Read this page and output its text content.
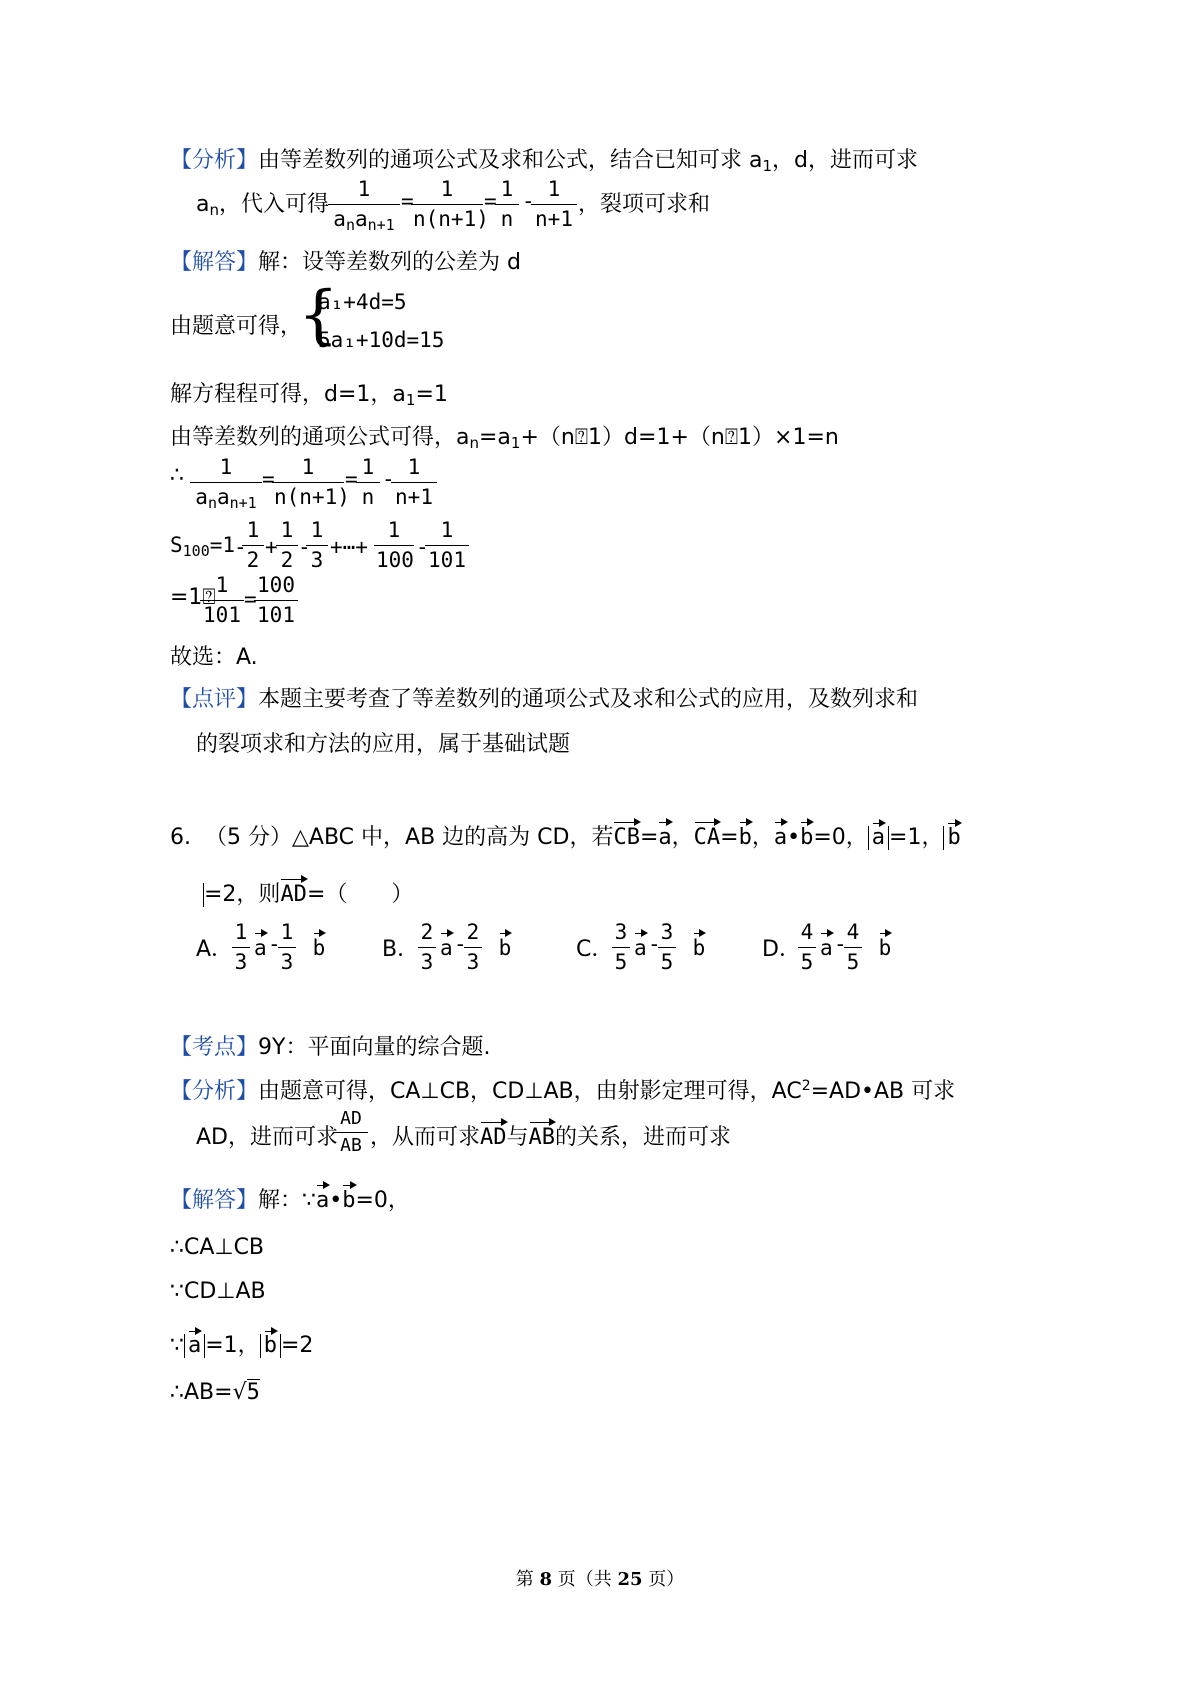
【分析】由等差数列的通项公式及求和公式，结合已知可求 $a_1$，d，进而可求
$a_n$，代入可得
1
$a_na_{n+1}$
=
$\frac{1}{n(n+1)}$ =
$\frac{1}{n}$ -
$\frac{1}{n+1}$ ，裂项可求和
【解答】解：设等差数列的公差为 d
由题意可得，
{
a₁+4d=5
5a₁+10d=15
解方程程可得，d=1，$a_1=1$
由等差数列的通项公式可得，$a_n=a_1+(n⍰1)d=1+(n⍰1)\times 1=n$
∴	1
$a_na_{n+1}$
=
$\frac{1}{n(n+1)}$ =
$\frac{1}{n}$ -
$\frac{1}{n+1}$
$S_{100}=1$
-
$\frac{1}{2}$ +
$\frac{1}{2}$ -
$\frac{1}{3}$ +⋯+ $\frac{1}{100}$ -
$\frac{1}{101}$
=1⍰
$\frac{1}{101}$ =
$\frac{100}{101}$
故选：A.
【点评】本题主要考查了等差数列的通项公式及求和公式的应用，及数列求和
的裂项求和方法的应用，属于基础试题
6. （5 分）△ABC 中，AB 边的高为 CD，若CB=a，CA=b，a•b=0， a =1， b
=2，则AD=（　　）
A．
$\frac{1}{3}$ a -
$\frac{1}{3}$ b	B．
$\frac{2}{3}$ a -
$\frac{2}{3}$ b	C．
$\frac{3}{5}$ a -
$\frac{3}{5}$ b	D．
$\frac{4}{5}$ a -
$\frac{4}{5}$ b
【考点】9Y：平面向量的综合题.
【分析】由题意可得，CA⊥CB，CD⊥AB，由射影定理可得，$AC^2=AD•AB$ 可求
AD，进而可求
$\frac{AD}{AB}$ ，从而可求AD与AB的关系，进而可求
【解答】解：∵a•b=0，
∴CA⊥CB
∵CD⊥AB
∵ a =1， b =2
∴AB=√5
第 8 页（共 25 页）
